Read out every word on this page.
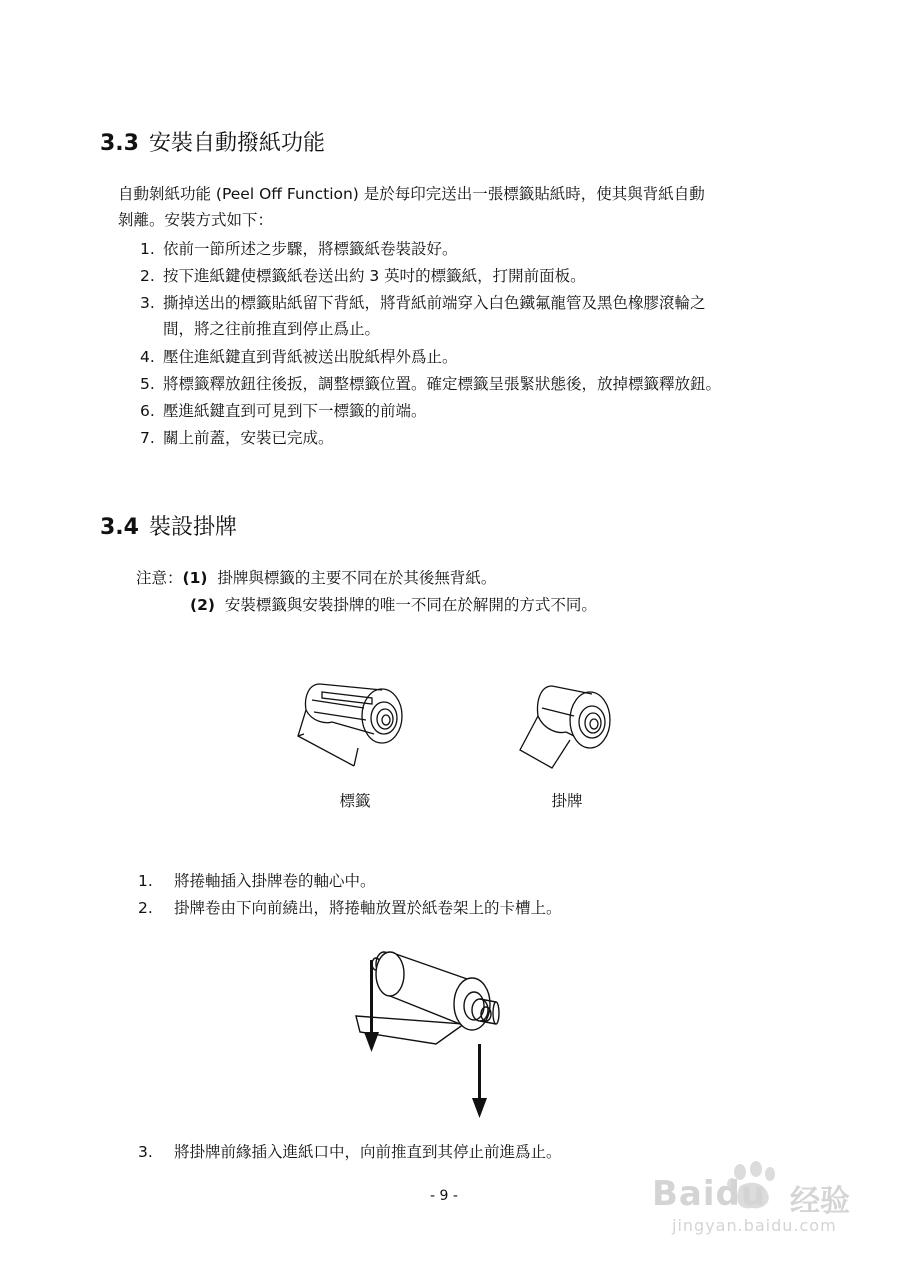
3.3 安裝自動撥紙功能
自動剝紙功能 (Peel Off Function) 是於每印完送出一張標籤貼紙時，使其與背紙自動
剝離。安裝方式如下：
1. 依前一節所述之步驟，將標籤紙卷裝設好。
2. 按下進紙鍵使標籤紙卷送出約 3 英吋的標籤紙，打開前面板。
3. 撕掉送出的標籤貼紙留下背紙，將背紙前端穿入白色鐵氟龍管及黑色橡膠滾輪之
間，將之往前推直到停止爲止。
4. 壓住進紙鍵直到背紙被送出脫紙桿外爲止。
5. 將標籤釋放鈕往後扳，調整標籤位置。確定標籤呈張緊狀態後，放掉標籤釋放鈕。
6. 壓進紙鍵直到可見到下一標籤的前端。
7. 關上前蓋，安裝已完成。
3.4 裝設掛牌
注意：(1) 掛牌與標籤的主要不同在於其後無背紙。
(2) 安裝標籤與安裝掛牌的唯一不同在於解開的方式不同。
標籤	掛牌
1. 將捲軸插入掛牌卷的軸心中。
2. 掛牌卷由下向前繞出，將捲軸放置於紙卷架上的卡槽上。
3. 將掛牌前緣插入進紙口中，向前推直到其停止前進爲止。
- 9 -	Baidu 经验
jingyan.baidu.com
